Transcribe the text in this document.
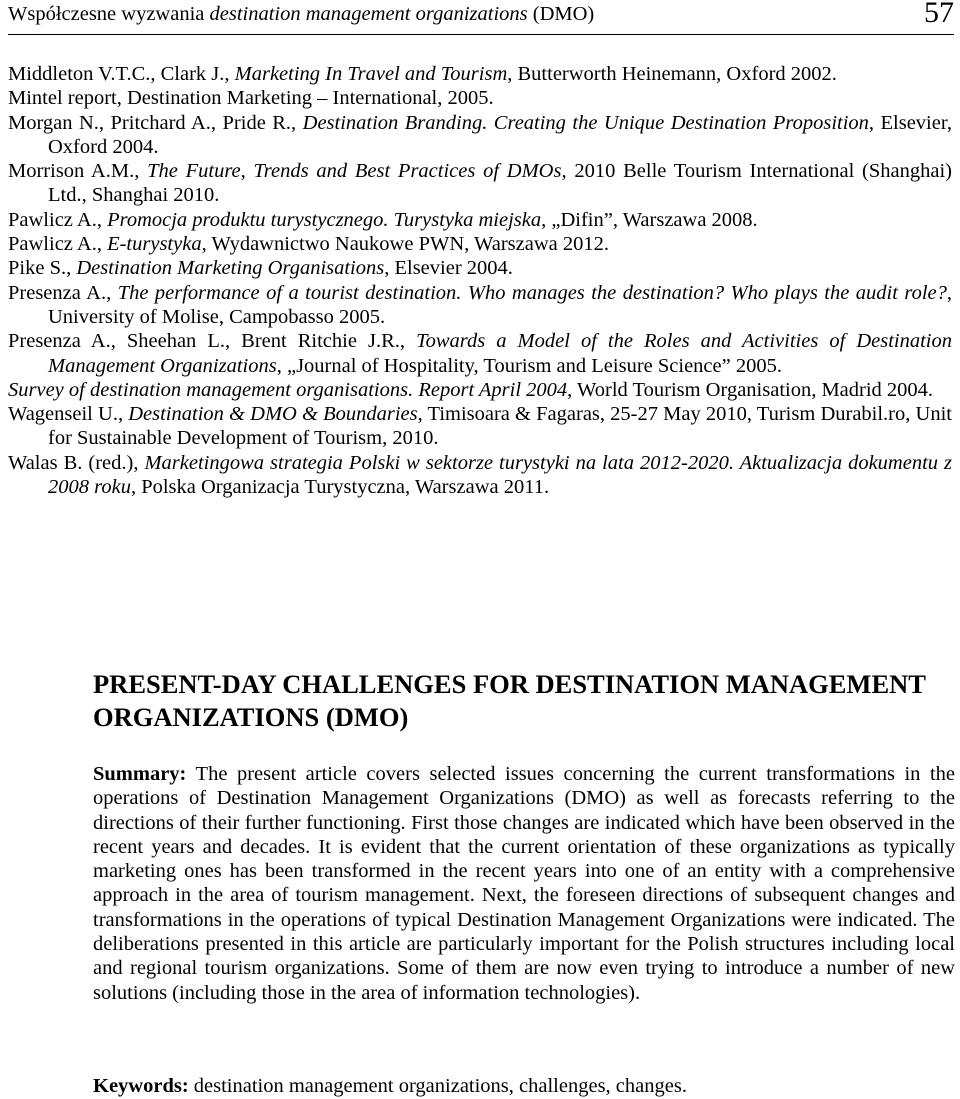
Współczesne wyzwania destination management organizations (DMO)	57

Middleton V.T.C., Clark J., Marketing In Travel and Tourism, Butterworth Heinemann, Oxford 2002.

Mintel report, Destination Marketing – International, 2005.

Morgan N., Pritchard A., Pride R., Destination Branding. Creating the Unique Destination Proposition, Elsevier, Oxford 2004.

Morrison A.M., The Future, Trends and Best Practices of DMOs, 2010 Belle Tourism International (Shanghai) Ltd., Shanghai 2010.

Pawlicz A., Promocja produktu turystycznego. Turystyka miejska, „Difin”, Warszawa 2008.

Pawlicz A., E-turystyka, Wydawnictwo Naukowe PWN, Warszawa 2012.

Pike S., Destination Marketing Organisations, Elsevier 2004.

Presenza A., The performance of a tourist destination. Who manages the destination? Who plays the audit role?, University of Molise, Campobasso 2005.

Presenza A., Sheehan L., Brent Ritchie J.R., Towards a Model of the Roles and Activities of Destination Management Organizations, „Journal of Hospitality, Tourism and Leisure Science” 2005.

Survey of destination management organisations. Report April 2004, World Tourism Organisation, Madrid 2004.

Wagenseil U., Destination & DMO & Boundaries, Timisoara & Fagaras, 25-27 May 2010, Turism Durabil.ro, Unit for Sustainable Development of Tourism, 2010.

Walas B. (red.), Marketingowa strategia Polski w sektorze turystyki na lata 2012-2020. Aktualizacja dokumentu z 2008 roku, Polska Organizacja Turystyczna, Warszawa 2011.

PRESENT-DAY CHALLENGES FOR DESTINATION MANAGEMENT ORGANIZATIONS (DMO)

Summary: The present article covers selected issues concerning the current transformations in the operations of Destination Management Organizations (DMO) as well as forecasts referring to the directions of their further functioning. First those changes are indicated which have been observed in the recent years and decades. It is evident that the current orientation of these organizations as typically marketing ones has been transformed in the recent years into one of an entity with a comprehensive approach in the area of tourism management. Next, the foreseen directions of subsequent changes and transformations in the operations of typical Destination Management Organizations were indicated. The deliberations presented in this article are particularly important for the Polish structures including local and regional tourism organizations. Some of them are now even trying to introduce a number of new solutions (including those in the area of information technologies).

Keywords: destination management organizations, challenges, changes.
